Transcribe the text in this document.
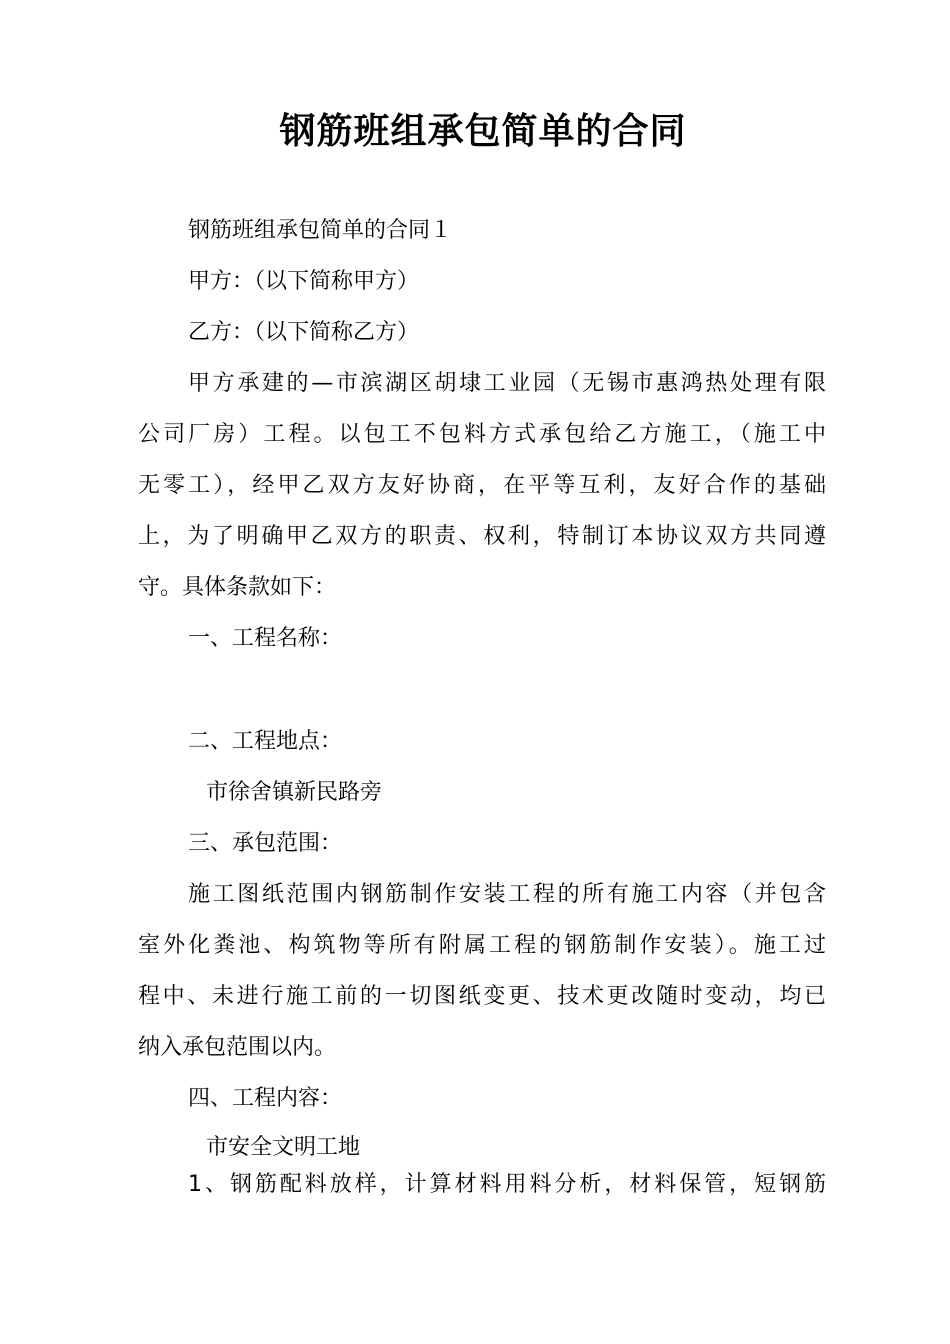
钢筋班组承包简单的合同
钢筋班组承包简单的合同１
甲方：（以下简称甲方）
乙方：（以下简称乙方）
甲方承建的—市滨湖区胡埭工业园（无锡市惠鸿热处理有限
公司厂房）工程。以包工不包料方式承包给乙方施工，（施工中
无零工），经甲乙双方友好协商，在平等互利，友好合作的基础
上，为了明确甲乙双方的职责、权利，特制订本协议双方共同遵
守。具体条款如下：
一、工程名称：
二、工程地点：
市徐舍镇新民路旁
三、承包范围：
施工图纸范围内钢筋制作安装工程的所有施工内容（并包含
室外化粪池、构筑物等所有附属工程的钢筋制作安装）。施工过
程中、未进行施工前的一切图纸变更、技术更改随时变动，均已
纳入承包范围以内。
四、工程内容：
市安全文明工地
1、钢筋配料放样，计算材料用料分析，材料保管，短钢筋
